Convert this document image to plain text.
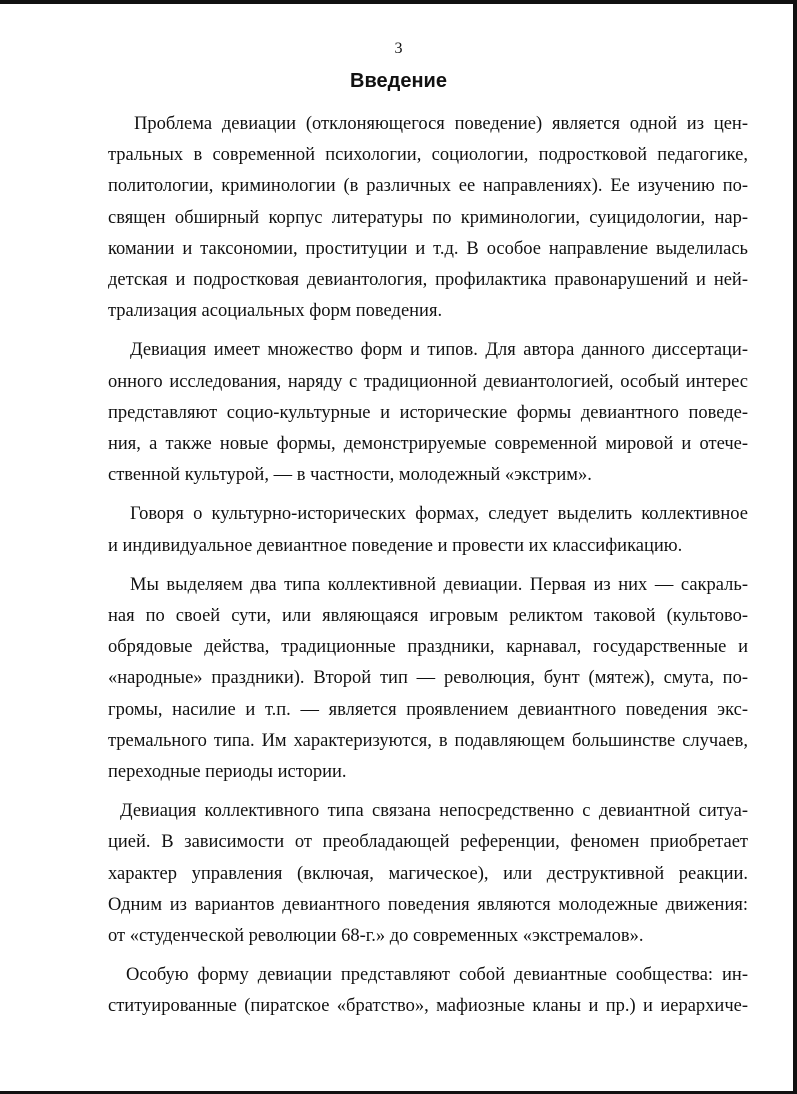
3
Введение

Проблема девиации (отклоняющегося поведение) является одной из цен-
тральных в современной психологии, социологии, подростковой педагогике,
политологии, криминологии (в различных ее направлениях). Ее изучению по-
священ обширный корпус литературы по криминологии, суицидологии, нар-
комании и таксономии, проституции и т.д. В особое направление выделилась
детская и подростковая девиантология, профилактика правонарушений и ней-
трализация асоциальных форм поведения.

Девиация имеет множество форм и типов. Для автора данного диссертаци-
онного исследования, наряду с традиционной девиантологией, особый интерес
представляют социо-культурные и исторические формы девиантного поведе-
ния, а также новые формы, демонстрируемые современной мировой и отече-
ственной культурой, — в частности, молодежный «экстрим».

Говоря о культурно-исторических формах, следует выделить коллективное
и индивидуальное девиантное поведение и провести их классификацию.

Мы выделяем два типа коллективной девиации. Первая из них — сакраль-
ная по своей сути, или являющаяся игровым реликтом таковой (культово-
обрядовые действа, традиционные праздники, карнавал, государственные и
«народные» праздники). Второй тип — революция, бунт (мятеж), смута, по-
громы, насилие и т.п. — является проявлением девиантного поведения экс-
тремального типа. Им характеризуются, в подавляющем большинстве случаев,
переходные периоды истории.

Девиация коллективного типа связана непосредственно с девиантной ситуа-
цией. В зависимости от преобладающей референции, феномен приобретает
характер управления (включая, магическое), или деструктивной реакции.
Одним из вариантов девиантного поведения являются молодежные движения:
от «студенческой революции 68-г.» до современных «экстремалов».

Особую форму девиации представляют собой девиантные сообщества: ин-
ституированные (пиратское «братство», мафиозные кланы и пр.) и иерархиче-
